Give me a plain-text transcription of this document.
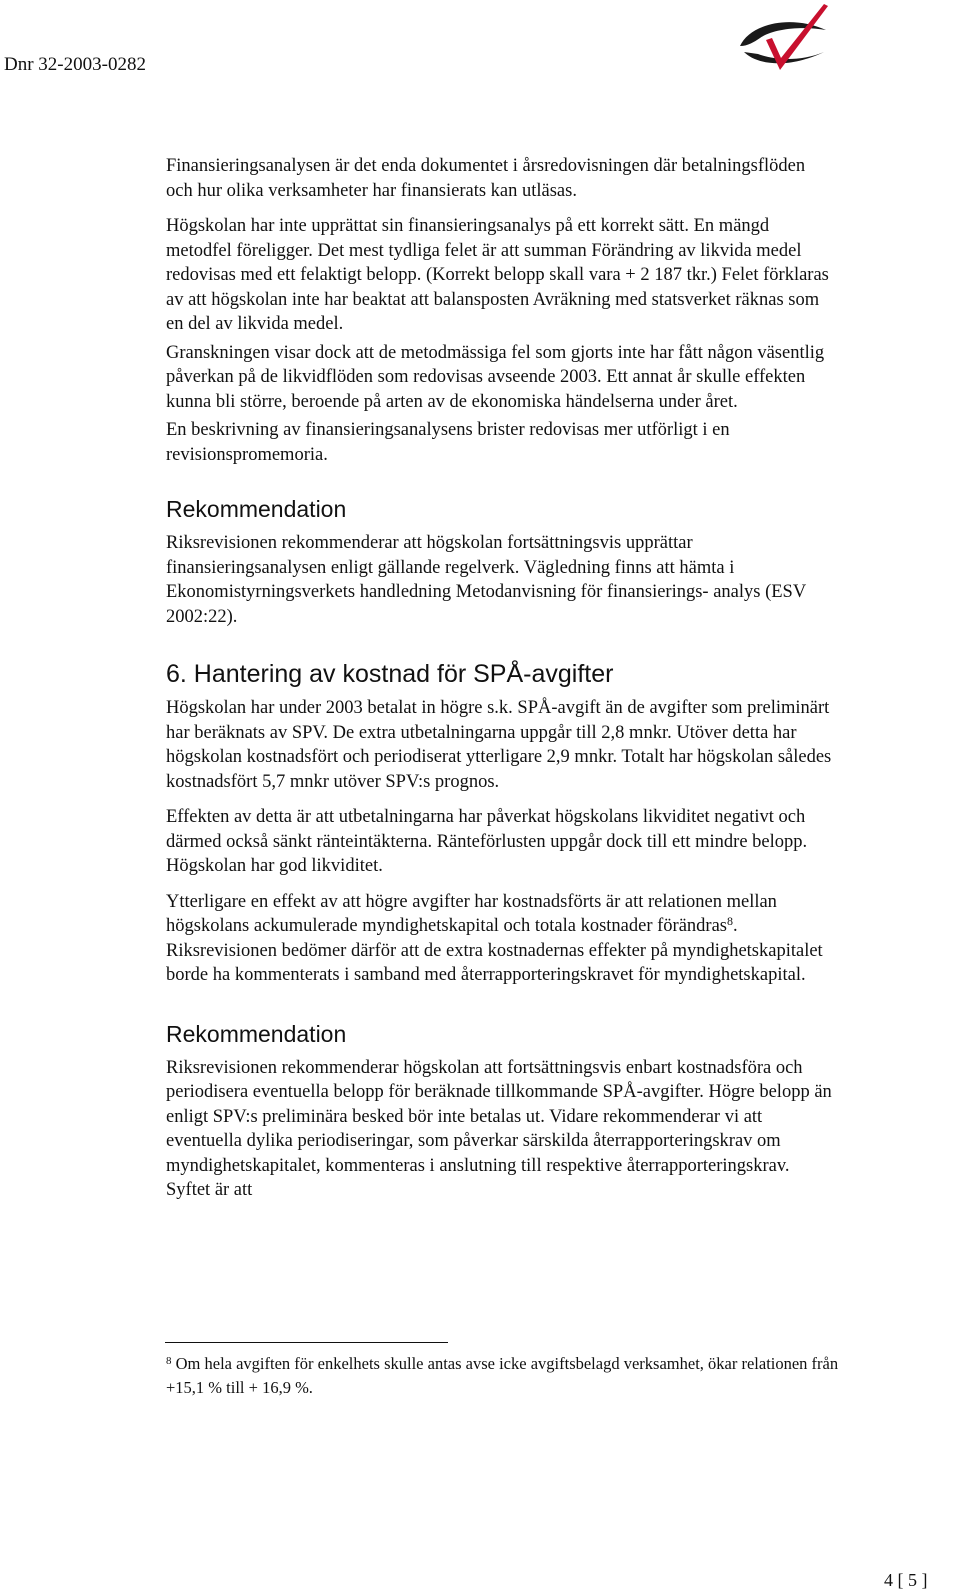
Dnr 32-2003-0282

Finansieringsanalysen är det enda dokumentet i årsredovisningen där betalningsflöden och hur olika verksamheter har finansierats kan utläsas.

Högskolan har inte upprättat sin finansieringsanalys på ett korrekt sätt. En mängd metodfel föreligger. Det mest tydliga felet är att summan Förändring av likvida medel redovisas med ett felaktigt belopp. (Korrekt belopp skall vara + 2 187 tkr.) Felet förklaras av att högskolan inte har beaktat att balansposten Avräkning med statsverket räknas som en del av likvida medel.

Granskningen visar dock att de metodmässiga fel som gjorts inte har fått någon väsentlig påverkan på de likvidflöden som redovisas avseende 2003. Ett annat år skulle effekten kunna bli större, beroende på arten av de ekonomiska händelserna under året.

En beskrivning av finansieringsanalysens brister redovisas mer utförligt i en revisionspromemoria.

Rekommendation

Riksrevisionen rekommenderar att högskolan fortsättningsvis upprättar finansieringsanalysen enligt gällande regelverk. Vägledning finns att hämta i Ekonomistyrningsverkets handledning Metodanvisning för finansierings- analys (ESV 2002:22).

6. Hantering av kostnad för SPÅ-avgifter

Högskolan har under 2003 betalat in högre s.k. SPÅ-avgift än de avgifter som preliminärt har beräknats av SPV. De extra utbetalningarna uppgår till 2,8 mnkr. Utöver detta har högskolan kostnadsfört och periodiserat ytterligare 2,9 mnkr. Totalt har högskolan således kostnadsfört 5,7 mnkr utöver SPV:s prognos.

Effekten av detta är att utbetalningarna har påverkat högskolans likviditet negativt och därmed också sänkt ränteintäkterna. Ränteförlusten uppgår dock till ett mindre belopp. Högskolan har god likviditet.

Ytterligare en effekt av att högre avgifter har kostnadsförts är att relationen mellan högskolans ackumulerade myndighetskapital och totala kostnader förändras$^8$. Riksrevisionen bedömer därför att de extra kostnadernas effekter på myndighetskapitalet borde ha kommenterats i samband med återrapporteringskravet för myndighetskapital.

Rekommendation

Riksrevisionen rekommenderar högskolan att fortsättningsvis enbart kostnadsföra och periodisera eventuella belopp för beräknade tillkommande SPÅ-avgifter. Högre belopp än enligt SPV:s preliminära besked bör inte betalas ut. Vidare rekommenderar vi att eventuella dylika periodiseringar, som påverkar särskilda återrapporteringskrav om myndighetskapitalet, kommenteras i anslutning till respektive återrapporteringskrav. Syftet är att

$^8$ Om hela avgiften för enkelhets skulle antas avse icke avgiftsbelagd verksamhet, ökar relationen från +15,1 % till + 16,9 %.
4 [ 5 ]
